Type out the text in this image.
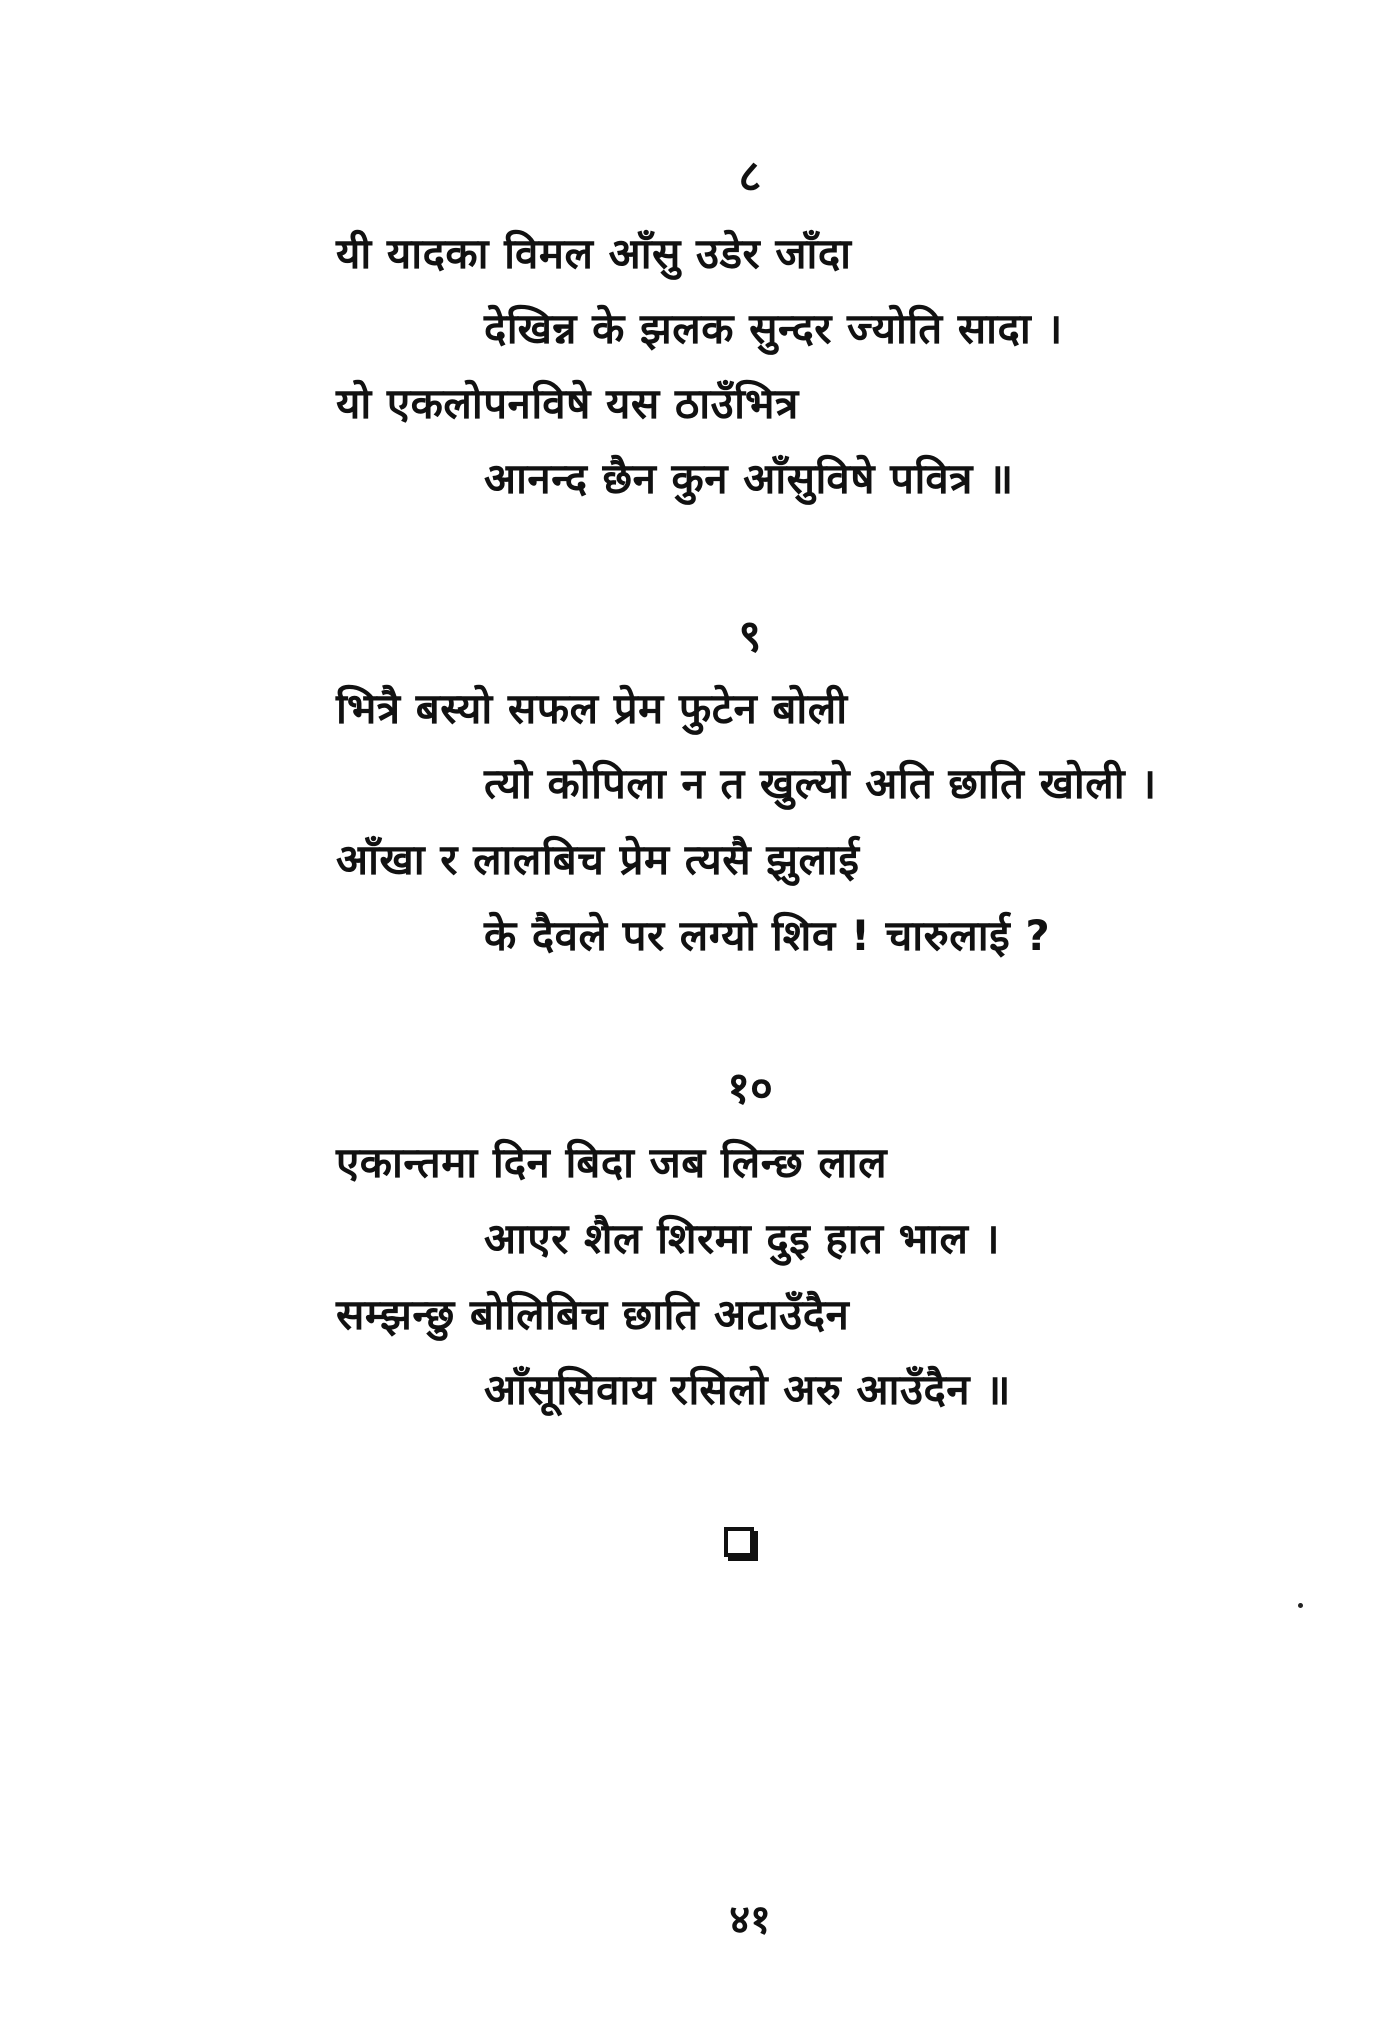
८
यी यादका विमल आँसु उडेर जाँदा
देखिन्न के झलक सुन्दर ज्योति सादा ।
यो एकलोपनविषे यस ठाउँभित्र
आनन्द छैन कुन आँसुविषे पवित्र ॥
९
भित्रै बस्यो सफल प्रेम फुटेन बोली
त्यो कोपिला न त खुल्यो अति छाति खोली ।
आँखा र लालबिच प्रेम त्यसै झुलाई
के दैवले पर लग्यो शिव ! चारुलाई ?
१०
एकान्तमा दिन बिदा जब लिन्छ लाल
आएर शैल शिरमा दुइ हात भाल ।
सम्झन्छु बोलिबिच छाति अटाउँदैन
आँसूसिवाय रसिलो अरु आउँदैन ॥
४१
